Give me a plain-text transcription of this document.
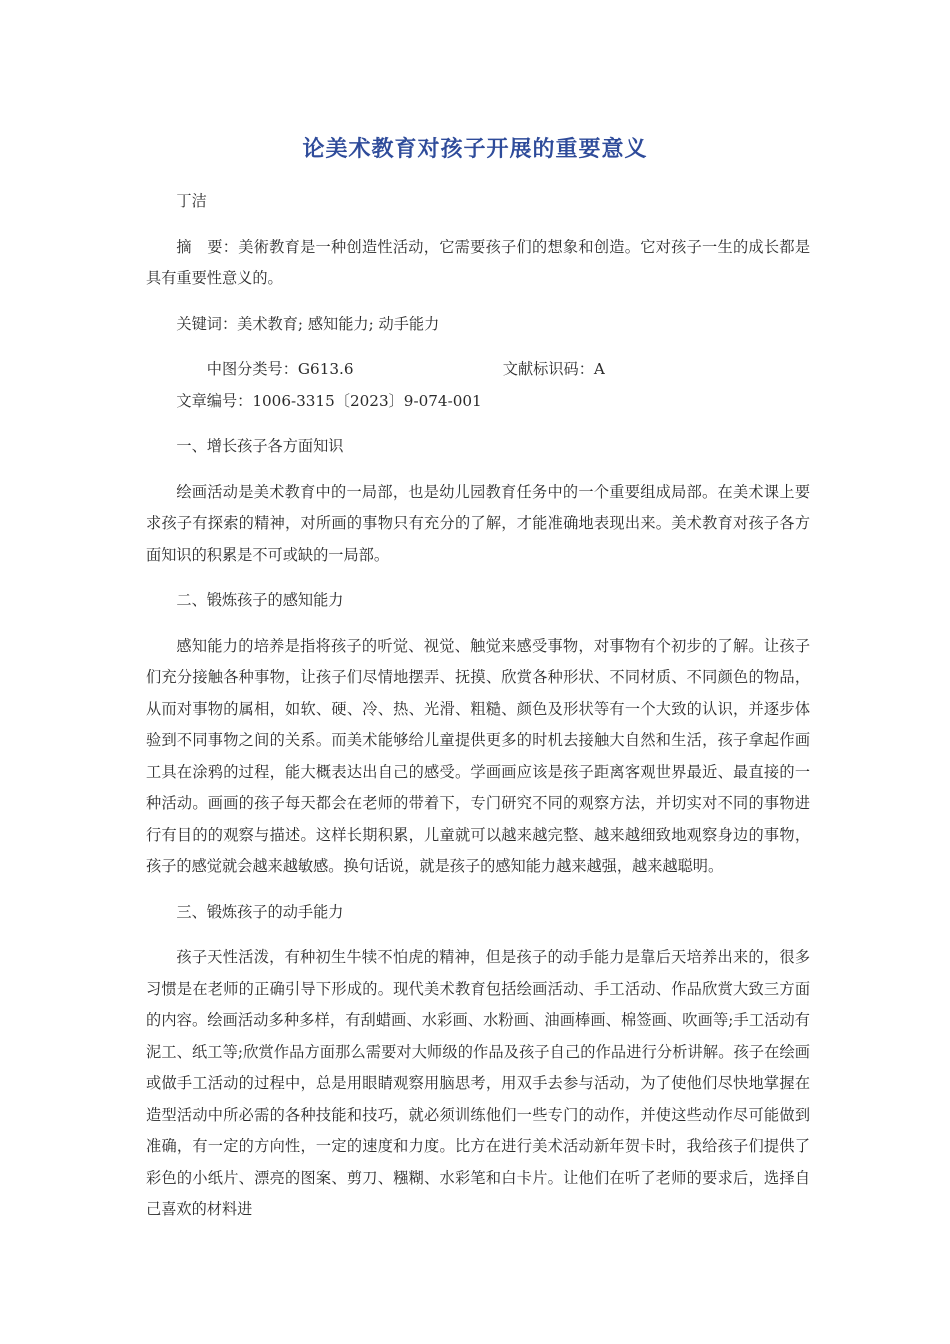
论美术教育对孩子开展的重要意义

丁洁

摘　要：美術教育是一种创造性活动，它需要孩子们的想象和创造。它对孩子一生的成长都是具有重要性意义的。

关键词：美术教育; 感知能力; 动手能力

中图分类号：G613.6	文献标识码：A文章编号：1006-3315〔2023〕9-074-001

一、增长孩子各方面知识

绘画活动是美术教育中的一局部，也是幼儿园教育任务中的一个重要组成局部。在美术课上要求孩子有探索的精神，对所画的事物只有充分的了解，才能准确地表现出来。美术教育对孩子各方面知识的积累是不可或缺的一局部。

二、锻炼孩子的感知能力

感知能力的培养是指将孩子的听觉、视觉、触觉来感受事物，对事物有个初步的了解。让孩子们充分接触各种事物，让孩子们尽情地摆弄、抚摸、欣赏各种形状、不同材质、不同颜色的物品，从而对事物的属相，如软、硬、冷、热、光滑、粗糙、颜色及形状等有一个大致的认识，并逐步体验到不同事物之间的关系。而美术能够给儿童提供更多的时机去接触大自然和生活，孩子拿起作画工具在涂鸦的过程，能大概表达出自己的感受。学画画应该是孩子距离客观世界最近、最直接的一种活动。画画的孩子每天都会在老师的带着下，专门研究不同的观察方法，并切实对不同的事物进行有目的的观察与描述。这样长期积累，儿童就可以越来越完整、越来越细致地观察身边的事物，孩子的感觉就会越来越敏感。换句话说，就是孩子的感知能力越来越强，越来越聪明。

三、锻炼孩子的动手能力

孩子天性活泼，有种初生牛犊不怕虎的精神，但是孩子的动手能力是靠后天培养出来的，很多习惯是在老师的正确引导下形成的。现代美术教育包括绘画活动、手工活动、作品欣赏大致三方面的内容。绘画活动多种多样，有刮蜡画、水彩画、水粉画、油画棒画、棉签画、吹画等;手工活动有泥工、纸工等;欣赏作品方面那么需要对大师级的作品及孩子自己的作品进行分析讲解。孩子在绘画或做手工活动的过程中，总是用眼睛观察用脑思考，用双手去参与活动，为了使他们尽快地掌握在造型活动中所必需的各种技能和技巧，就必须训练他们一些专门的动作，并使这些动作尽可能做到准确，有一定的方向性，一定的速度和力度。比方在进行美术活动新年贺卡时，我给孩子们提供了彩色的小纸片、漂亮的图案、剪刀、糨糊、水彩笔和白卡片。让他们在听了老师的要求后，选择自己喜欢的材料进
